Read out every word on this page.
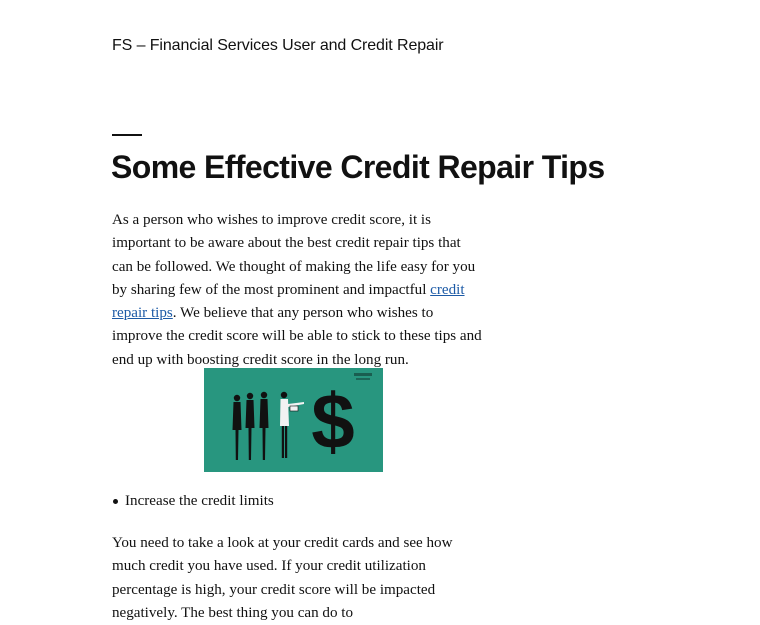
FS – Financial Services User and Credit Repair
Some Effective Credit Repair Tips

As a person who wishes to improve credit score, it is important to be aware about the best credit repair tips that can be followed. We thought of making the life easy for you by sharing few of the most prominent and impactful credit repair tips. We believe that any person who wishes to improve the credit score will be able to stick to these tips and end up with boosting credit score in the long run.

$
Increase the credit limits

You need to take a look at your credit cards and see how much credit you have used. If your credit utilization percentage is high, your credit score will be impacted negatively. The best thing you can do to
